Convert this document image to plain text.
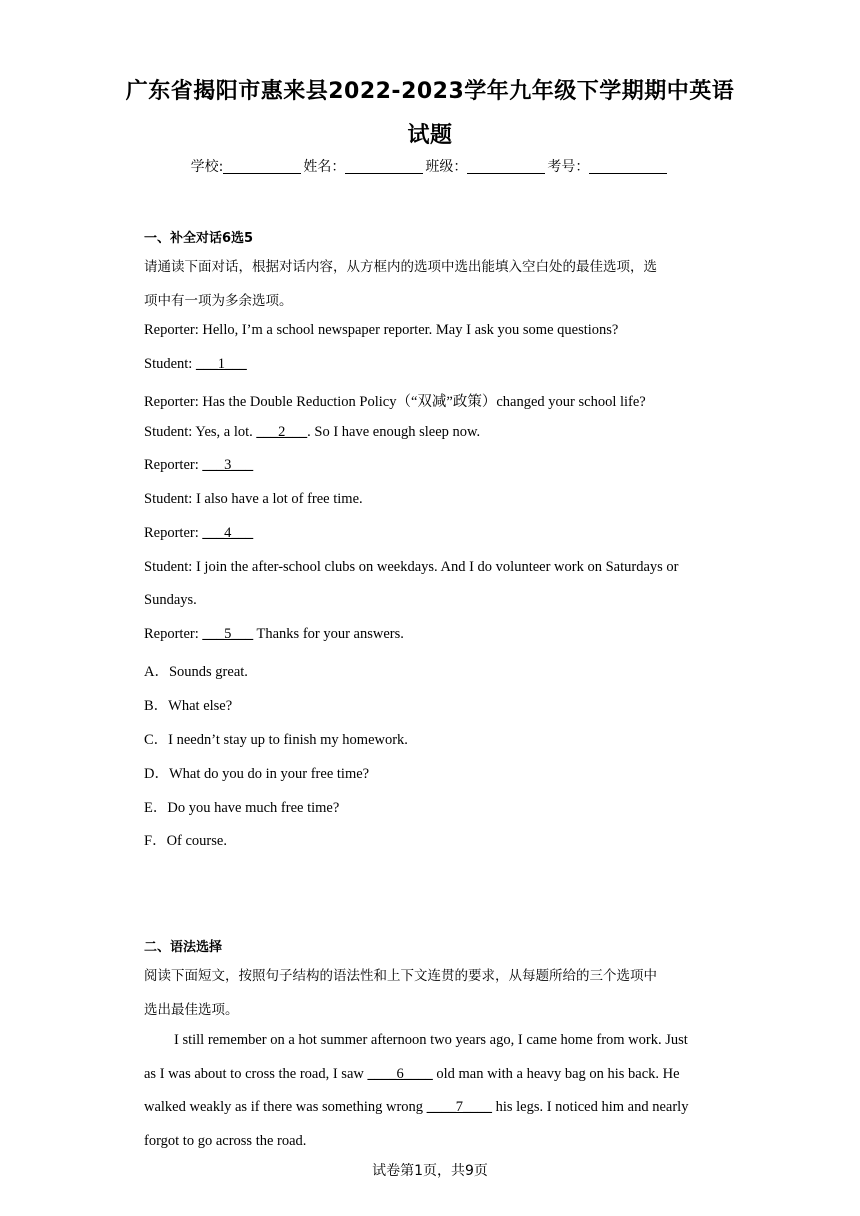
广东省揭阳市惠来县2022-2023学年九年级下学期期中英语
试题
学校:	姓名：	班级：	考号：
一、补全对话6选5
请通读下面对话，根据对话内容，从方框内的选项中选出能填入空白处的最佳选项，选
项中有一项为多余选项。
Reporter: Hello, I’m a school newspaper reporter. May I ask you some questions?
Student: ___1___
Reporter: Has the Double Reduction Policy（“双减”政策）changed your school life?
Student: Yes, a lot. ___2___. So I have enough sleep now.
Reporter: ___3___
Student: I also have a lot of free time.
Reporter: ___4___
Student: I join the after-school clubs on weekdays. And I do volunteer work on Saturdays or
Sundays.
Reporter: ___5___ Thanks for your answers.
A．Sounds great.
B．What else?
C．I needn’t stay up to finish my homework.
D．What do you do in your free time?
E．Do you have much free time?
F．Of course.
二、语法选择
阅读下面短文，按照句子结构的语法性和上下文连贯的要求，从每题所给的三个选项中
选出最佳选项。
I still remember on a hot summer afternoon two years ago, I came home from work. Just
as I was about to cross the road, I saw ____6____ old man with a heavy bag on his back. He
walked weakly as if there was something wrong ____7____ his legs. I noticed him and nearly
forgot to go across the road.
试卷第1页，共9页
